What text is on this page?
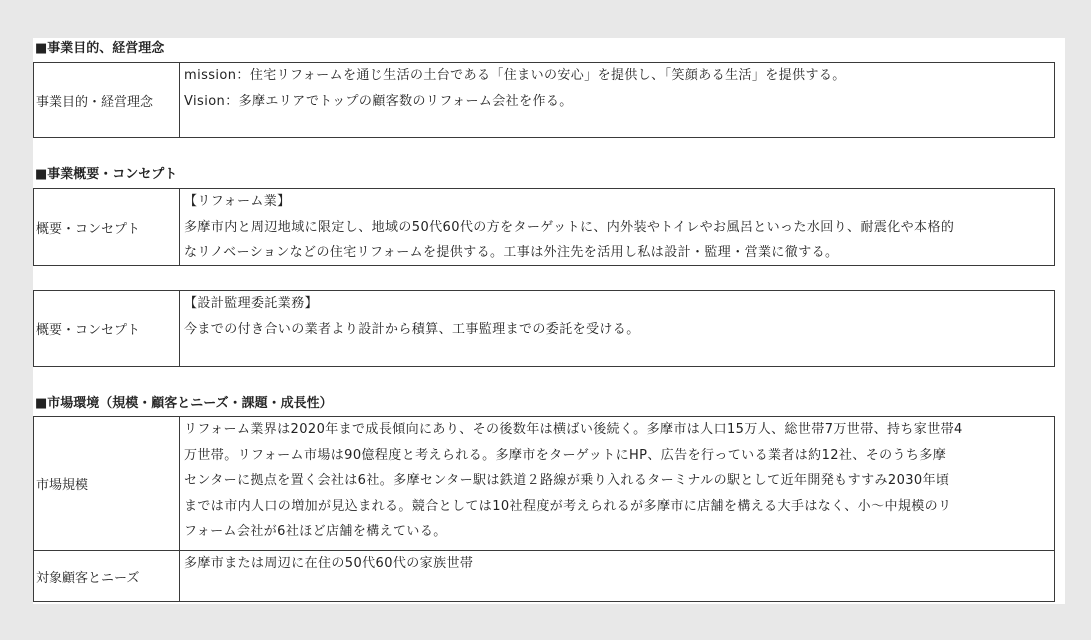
■事業目的、経営理念
事業目的・経営理念

mission：住宅リフォームを通じ生活の土台である「住まいの安心」を提供し、「笑顔ある生活」を提供する。

Vision：多摩エリアでトップの顧客数のリフォーム会社を作る。

■事業概要・コンセプト
概要・コンセプト

【リフォーム業】

多摩市内と周辺地域に限定し、地域の50代60代の方をターゲットに、内外装やトイレやお風呂といった水回り、耐震化や本格的

なリノベーションなどの住宅リフォームを提供する。工事は外注先を活用し私は設計・監理・営業に徹する。

概要・コンセプト

【設計監理委託業務】

今までの付き合いの業者より設計から積算、工事監理までの委託を受ける。

■市場環境（規模・顧客とニーズ・課題・成長性）
市場規模

リフォーム業界は2020年まで成長傾向にあり、その後数年は横ばい後続く。多摩市は人口15万人、総世帯7万世帯、持ち家世帯4

万世帯。リフォーム市場は90億程度と考えられる。多摩市をターゲットにHP、広告を行っている業者は約12社、そのうち多摩

センターに拠点を置く会社は6社。多摩センター駅は鉄道２路線が乗り入れるターミナルの駅として近年開発もすすみ2030年頃

までは市内人口の増加が見込まれる。競合としては10社程度が考えられるが多摩市に店舗を構える大手はなく、小～中規模のリ

フォーム会社が6社ほど店舗を構えている。

対象顧客とニーズ

多摩市または周辺に在住の50代60代の家族世帯
